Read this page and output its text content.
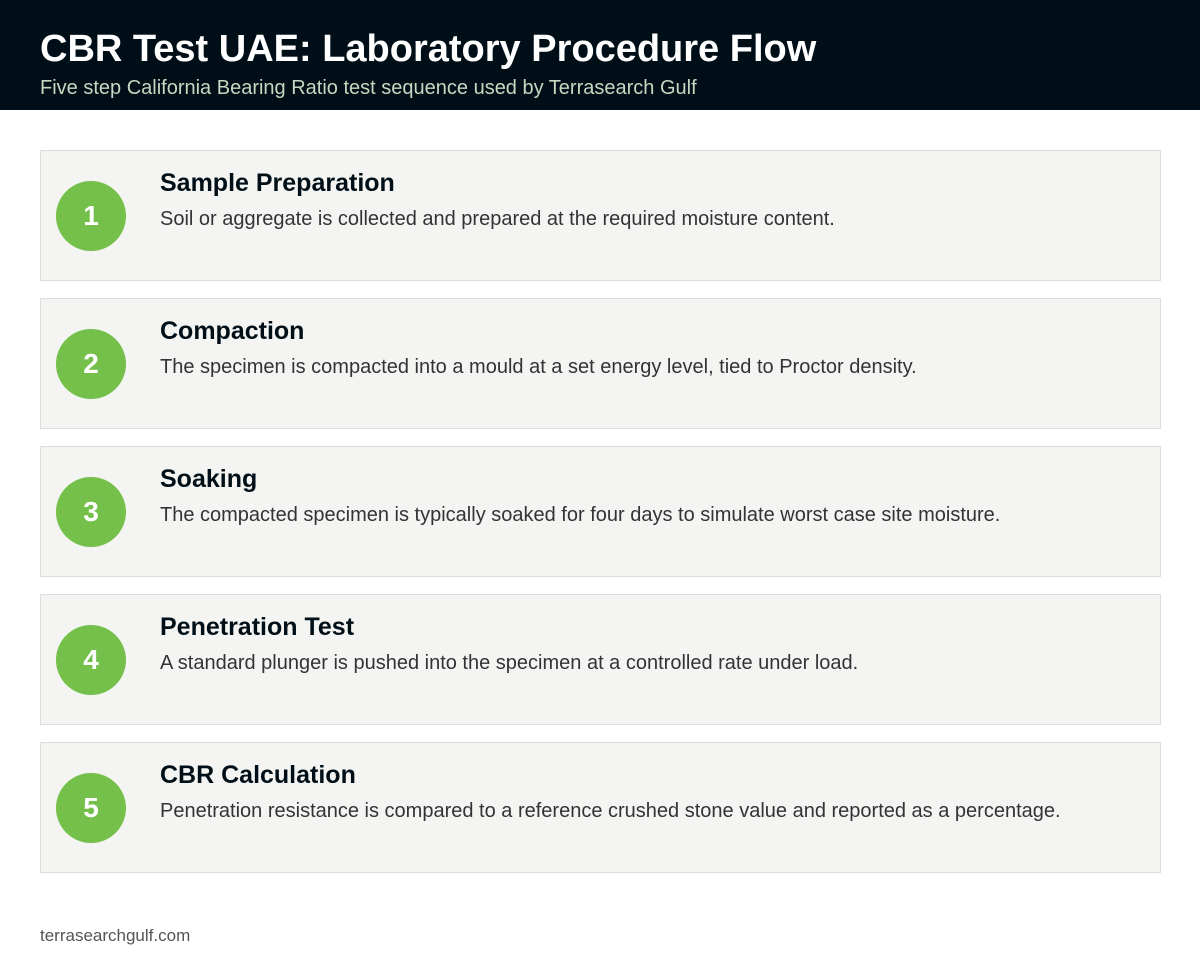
CBR Test UAE: Laboratory Procedure Flow
Five step California Bearing Ratio test sequence used by Terrasearch Gulf
1
Sample Preparation
Soil or aggregate is collected and prepared at the required moisture content.
2
Compaction
The specimen is compacted into a mould at a set energy level, tied to Proctor density.
3
Soaking
The compacted specimen is typically soaked for four days to simulate worst case site moisture.
4
Penetration Test
A standard plunger is pushed into the specimen at a controlled rate under load.
5
CBR Calculation
Penetration resistance is compared to a reference crushed stone value and reported as a percentage.
terrasearchgulf.com
